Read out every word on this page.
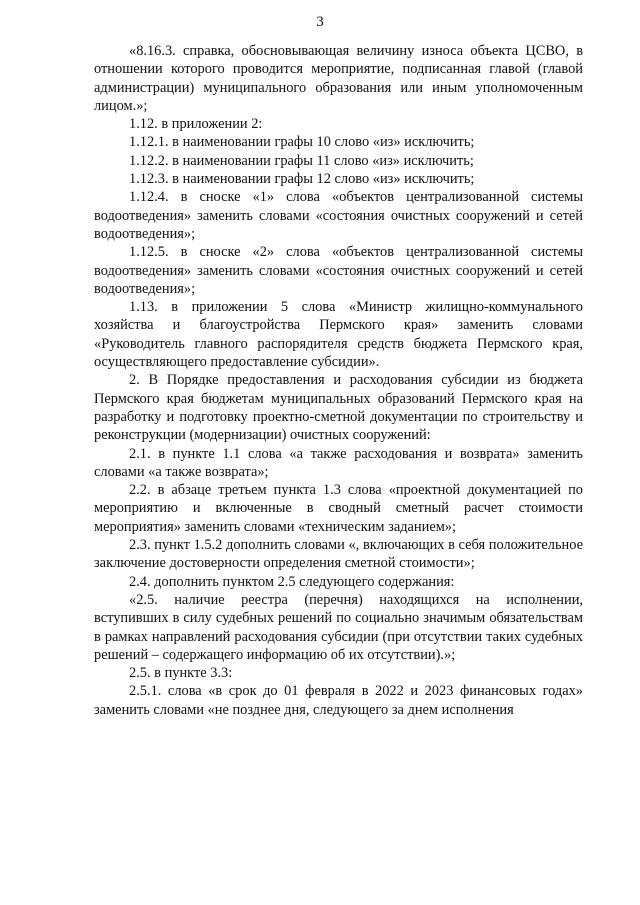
3

«8.16.3. справка, обосновывающая величину износа объекта ЦСВО, в отношении которого проводится мероприятие, подписанная главой (главой администрации) муниципального образования или иным уполномоченным лицом.»;

1.12. в приложении 2:

1.12.1. в наименовании графы 10 слово «из» исключить;

1.12.2. в наименовании графы 11 слово «из» исключить;

1.12.3. в наименовании графы 12 слово «из» исключить;

1.12.4. в сноске «1» слова «объектов централизованной системы водоотведения» заменить словами «состояния очистных сооружений и сетей водоотведения»;

1.12.5. в сноске «2» слова «объектов централизованной системы водоотведения» заменить словами «состояния очистных сооружений и сетей водоотведения»;

1.13. в приложении 5 слова «Министр жилищно-коммунального хозяйства и благоустройства Пермского края» заменить словами «Руководитель главного распорядителя средств бюджета Пермского края, осуществляющего предоставление субсидии».

2. В Порядке предоставления и расходования субсидии из бюджета Пермского края бюджетам муниципальных образований Пермского края на разработку и подготовку проектно-сметной документации по строительству и реконструкции (модернизации) очистных сооружений:

2.1. в пункте 1.1 слова «а также расходования и возврата» заменить словами «а также возврата»;

2.2. в абзаце третьем пункта 1.3 слова «проектной документацией по мероприятию и включенные в сводный сметный расчет стоимости мероприятия» заменить словами «техническим заданием»;

2.3. пункт 1.5.2 дополнить словами «, включающих в себя положительное заключение достоверности определения сметной стоимости»;

2.4. дополнить пунктом 2.5 следующего содержания:

«2.5. наличие реестра (перечня) находящихся на исполнении, вступивших в силу судебных решений по социально значимым обязательствам в рамках направлений расходования субсидии (при отсутствии таких судебных решений – содержащего информацию об их отсутствии).»;

2.5. в пункте 3.3:

2.5.1. слова «в срок до 01 февраля в 2022 и 2023 финансовых годах» заменить словами «не позднее дня, следующего за днем исполнения
